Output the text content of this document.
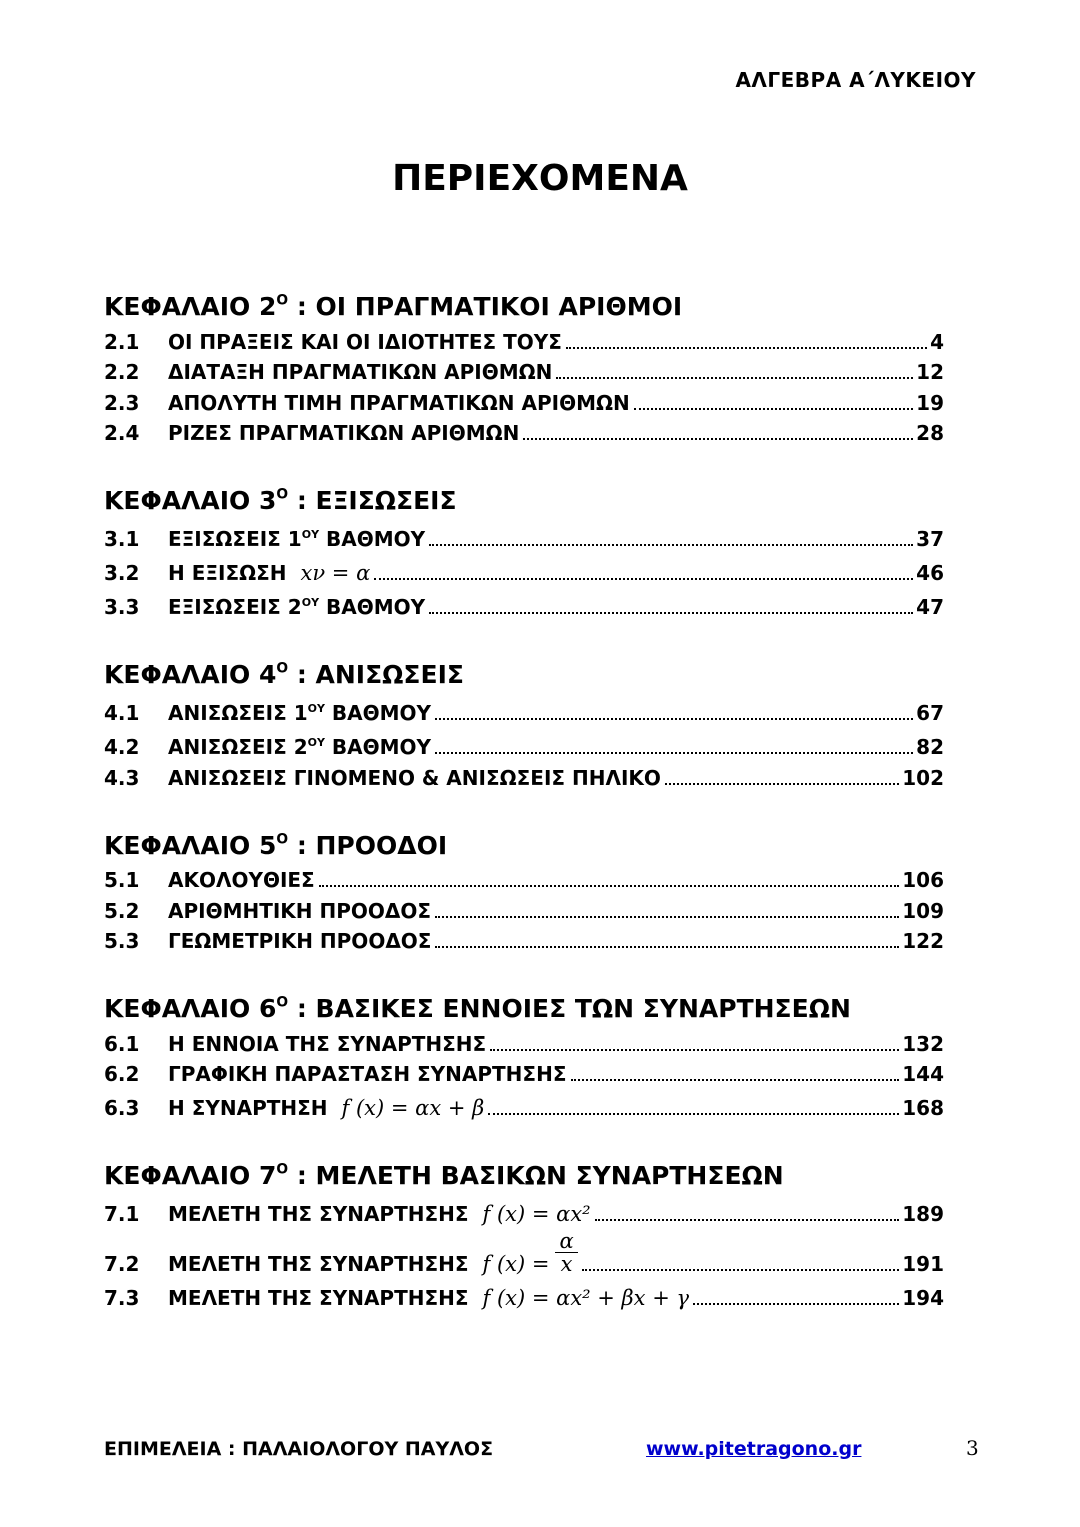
ΑΛΓΕΒΡΑ Α΄ΛΥΚΕΙΟΥ
ΠΕΡΙΕΧΟΜΕΝΑ
ΚΕΦΑΛΑΙΟ $2^O$ : ΟΙ ΠΡΑΓΜΑΤΙΚΟΙ ΑΡΙΘΜΟΙ
2.1	ΟΙ ΠΡΑΞΕΙΣ ΚΑΙ ΟΙ ΙΔΙΟΤΗΤΕΣ ΤΟΥΣ	4
2.2	ΔΙΑΤΑΞΗ ΠΡΑΓΜΑΤΙΚΩΝ ΑΡΙΘΜΩΝ	12
2.3	ΑΠΟΛΥΤΗ ΤΙΜΗ ΠΡΑΓΜΑΤΙΚΩΝ ΑΡΙΘΜΩΝ	19
2.4	ΡΙΖΕΣ ΠΡΑΓΜΑΤΙΚΩΝ ΑΡΙΘΜΩΝ	28
ΚΕΦΑΛΑΙΟ $3^O$ : ΕΞΙΣΩΣΕΙΣ
3.1	ΕΞΙΣΩΣΕΙΣ $1^{O\Upsilon}$ ΒΑΘΜΟΥ	37
3.2	Η ΕΞΙΣΩΣΗ xν = α	46
3.3	ΕΞΙΣΩΣΕΙΣ $2^{O\Upsilon}$ ΒΑΘΜΟΥ	47
ΚΕΦΑΛΑΙΟ $4^O$ : ΑΝΙΣΩΣΕΙΣ
4.1	ΑΝΙΣΩΣΕΙΣ $1^{O\Upsilon}$ ΒΑΘΜΟΥ	67
4.2	ΑΝΙΣΩΣΕΙΣ $2^{O\Upsilon}$ ΒΑΘΜΟΥ	82
4.3	ΑΝΙΣΩΣΕΙΣ ΓΙΝΟΜΕΝΟ & ΑΝΙΣΩΣΕΙΣ ΠΗΛΙΚΟ	102
ΚΕΦΑΛΑΙΟ $5^O$ : ΠΡΟΟΔΟΙ
5.1	ΑΚΟΛΟΥΘΙΕΣ	106
5.2	ΑΡΙΘΜΗΤΙΚΗ ΠΡΟΟΔΟΣ	109
5.3	ΓΕΩΜΕΤΡΙΚΗ ΠΡΟΟΔΟΣ	122
ΚΕΦΑΛΑΙΟ $6^O$ : ΒΑΣΙΚΕΣ ΕΝΝΟΙΕΣ ΤΩΝ ΣΥΝΑΡΤΗΣΕΩΝ
6.1	Η ΕΝΝΟΙΑ ΤΗΣ ΣΥΝΑΡΤΗΣΗΣ	132
6.2	ΓΡΑΦΙΚΗ ΠΑΡΑΣΤΑΣΗ ΣΥΝΑΡΤΗΣΗΣ	144
6.3	Η ΣΥΝΑΡΤΗΣΗ f (x) = αx + β	168
ΚΕΦΑΛΑΙΟ $7^O$ : ΜΕΛΕΤΗ ΒΑΣΙΚΩΝ ΣΥΝΑΡΤΗΣΕΩΝ
7.1	ΜΕΛΕΤΗ ΤΗΣ ΣΥΝΑΡΤΗΣΗΣ f (x) = αx²	189
7.2	ΜΕΛΕΤΗ ΤΗΣ ΣΥΝΑΡΤΗΣΗΣ f $(x) = \frac{\alpha}{x}$	191
7.3	ΜΕΛΕΤΗ ΤΗΣ ΣΥΝΑΡΤΗΣΗΣ f (x) = αx² + βx + γ	194
ΕΠΙΜΕΛΕΙΑ : ΠΑΛΑΙΟΛΟΓΟΥ ΠΑΥΛΟΣ	www.pitetragono.gr	3
